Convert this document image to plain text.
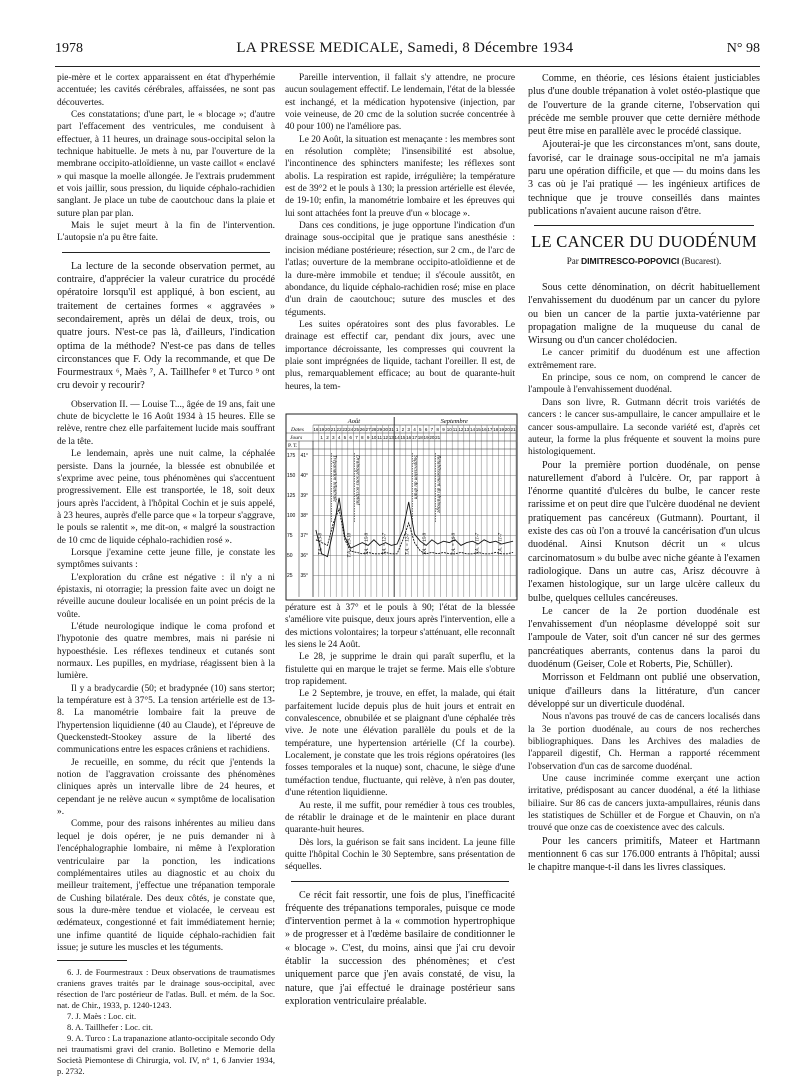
1978	LA PRESSE MEDICALE, Samedi, 8 Décembre 1934	N° 98

pie-mère et le cortex apparaissent en état d'hyperhémie accentuée; les cavités cérébrales, affaissées, ne sont pas découvertes.

Ces constatations; d'une part, le « blocage »; d'autre part l'effacement des ventricules, me conduisent à effectuer, à 11 heures, un drainage sous-occipital selon la technique habituelle. Je mets à nu, par l'ouverture de la membrane occipito-atloïdienne, un vaste caillot « enclavé » qui masque la moelle allongée. Je l'extrais prudemment et vois jaillir, sous pression, du liquide céphalo-rachidien sanglant. Je place un tube de caoutchouc dans la plaie et suture plan par plan.

Mais le sujet meurt à la fin de l'intervention. L'autopsie n'a pu être faite.

La lecture de la seconde observation permet, au contraire, d'apprécier la valeur curatrice du procédé opératoire lorsqu'il est appliqué, à bon escient, au traitement de certaines formes « aggravées » secondairement, après un délai de deux, trois, ou quatre jours. N'est-ce pas là, d'ailleurs, l'indication optima de la méthode? N'est-ce pas dans de telles circonstances que F. Ody la recommande, et que De Fourmestraux ⁶, Maès ⁷, A. Taillhefer ⁸ et Turco ⁹ ont cru devoir y recourir?

Observation II. — Louise T..., âgée de 19 ans, fait une chute de bicyclette le 16 Août 1934 à 15 heures. Elle se relève, rentre chez elle parfaitement lucide mais souffrant de la tête.

Le lendemain, après une nuit calme, la céphalée persiste. Dans la journée, la blessée est obnubilée et s'exprime avec peine, tous phénomènes qui s'accentuent progressivement. Elle est transportée, le 18, soit deux jours après l'accident, à l'hôpital Cochin et je suis appelé, à 23 heures, auprès d'elle parce que « la torpeur s'aggrave, le pouls se ralentit », me dit-on, « malgré la soustraction de 10 cmc de liquide céphalo-rachidien rosé ».

Lorsque j'examine cette jeune fille, je constate les symptômes suivants :

L'exploration du crâne est négative : il n'y a ni épistaxis, ni otorragie; la pression faite avec un doigt ne réveille aucune douleur localisée en un point précis de la voûte.

L'étude neurologique indique le coma profond et l'hypotonie des quatre membres, mais ni parésie ni hypoesthésie. Les réflexes tendineux et cutanés sont normaux. Les pupilles, en mydriase, réagissent bien à la lumière.

Il y a bradycardie (50; et bradypnée (10) sans stertor; la température est à 37°5. La tension artérielle est de 13-8. La manométrie lombaire fait la preuve de l'hypertension liquidienne (40 au Claude), et l'épreuve de Queckenstedt-Stookey assure de la liberté des communications entre les espaces crâniens et rachidiens.

Je recueille, en somme, du récit que j'entends la notion de l'aggravation croissante des phénomènes cliniques après un intervalle libre de 24 heures, et cependant je ne relève aucun « symptôme de localisation ».

Comme, pour des raisons inhérentes au milieu dans lequel je dois opérer, je ne puis demander ni à l'encéphalographie lombaire, ni même à l'exploration ventriculaire par la ponction, les indications complémentaires utiles au diagnostic et au choix du meilleur traitement, j'effectue une trépanation temporale de Cushing bilatérale. Des deux côtés, je constate que, sous la dure-mère tendue et violacée, le cerveau est œdémateux, congestionné et fait immédiatement hernie; une infime quantité de liquide céphalo-rachidien fait issue; je suture les muscles et les téguments.

6. J. de Fourmestraux : Deux observations de traumatismes craniens graves traités par le drainage sous-occipital, avec résection de l'arc postérieur de l'atlas. Bull. et mém. de la Soc. nat. de Chir., 1933, p. 1240-1243.

7. J. Maès : Loc. cit.

8. A. Taillhefer : Loc. cit.

9. A. Turco : La trapanazione atlanto-occipitale secondo Ody nei traumatismi gravi del cranio. Bolletino e Memorie della Società Piemontese di Chirurgia, vol. IV, n° 1, 6 Janvier 1934, p. 2732.

Pareille intervention, il fallait s'y attendre, ne procure aucun soulagement effectif. Le lendemain, l'état de la blessée est inchangé, et la médication hypotensive (injection, par voie veineuse, de 20 cmc de la solution sucrée concentrée à 40 pour 100) ne l'améliore pas.

Le 20 Août, la situation est menaçante : les membres sont en résolution complète; l'insensibilité est absolue, l'incontinence des sphincters manifeste; les réflexes sont abolis. La respiration est rapide, irrégulière; la température est de 39°2 et le pouls à 130; la pression artérielle est élevée, de 19-10; enfin, la manométrie lombaire et les épreuves qui lui sont attachées font la preuve d'un « blocage ».

Dans ces conditions, je juge opportune l'indication d'un drainage sous-occipital que je pratique sans anesthésie : incision médiane postérieure; résection, sur 2 cm., de l'arc de l'atlas; ouverture de la membrane occipito-atloïdienne et de la dure-mère immobile et tendue; il s'écoule aussitôt, en abondance, du liquide céphalo-rachidien rosé; mise en place d'un drain de caoutchouc; suture des muscles et des téguments.

Les suites opératoires sont des plus favorables. Le drainage est effectif car, pendant dix jours, avec une importance décroissante, les compresses qui couvrent la plaie sont imprégnées de liquide, tachant l'oreiller. Il est, de plus, remarquablement efficace; au bout de quarante-huit heures, la tem-

Dates
Jours
P. T.
Août	Septembre
16 19 20 21 22 23 24 25 26 27 28 29 30 31 1 2 3 4 5 6 7 8 9 10 11 12 13 14 15 16 17 18 19 20 21
1 2 3 4 5 6 7 8 9 10 11 12 13 14 15 16 17 18 19 20 21
175 41°
150 40°
125 39°
100 38°
75 37°
50 36°
25 35°
Trépanation bilatérale	Drainage sous occipital	Suppression du drain	Rétablissement du drainage
T.A. = 13-8	T.A. = 19-10	T.A. = 15-9	T.A. = 12-7	T.A. = 12-7	T.A. = 15-9	T.A. = 16-9	T.A. = 11-7	T.A. = 11-7

pérature est à 37° et le pouls à 90; l'état de la blessée s'améliore vite puisque, deux jours après l'intervention, elle a des mictions volontaires; la torpeur s'atténuant, elle reconnaît les siens le 24 Août.

Le 28, je supprime le drain qui paraît superflu, et la fistulette qui en marque le trajet se ferme. Mais elle s'obture trop rapidement.

Le 2 Septembre, je trouve, en effet, la malade, qui était parfaitement lucide depuis plus de huit jours et entrait en convalescence, obnubilée et se plaignant d'une céphalée très vive. Je note une élévation parallèle du pouls et de la température, une hypertension artérielle (Cf la courbe). Localement, je constate que les trois régions opératoires (les fosses temporales et la nuque) sont, chacune, le siège d'une tuméfaction tendue, fluctuante, qui relève, à n'en pas douter, d'une rétention liquidienne.

Au reste, il me suffit, pour remédier à tous ces troubles, de rétablir le drainage et de le maintenir en place durant quarante-huit heures.

Dès lors, la guérison se fait sans incident. La jeune fille quitte l'hôpital Cochin le 30 Septembre, sans présentation de séquelles.

Ce récit fait ressortir, une fois de plus, l'inefficacité fréquente des trépanations temporales, puisque ce mode d'intervention permet à la « commotion hypertrophique » de progresser et à l'œdème basilaire de conditionner le « blocage ». C'est, du moins, ainsi que j'ai cru devoir établir la succession des phénomènes; et c'est uniquement parce que j'en avais constaté, de visu, la nature, que j'ai effectué le drainage postérieur sans exploration ventriculaire préalable.

Comme, en théorie, ces lésions étaient justiciables plus d'une double trépanation à volet ostéo-plastique que de l'ouverture de la grande citerne, l'observation qui précède me semble prouver que cette dernière méthode peut être mise en parallèle avec le procédé classique.

Ajouterai-je que les circonstances m'ont, sans doute, favorisé, car le drainage sous-occipital ne m'a jamais paru une opération difficile, et que — du moins dans les 3 cas où je l'ai pratiqué — les ingénieux artifices de technique que je trouve conseillés dans maintes publications n'avaient aucune raison d'être.

LE CANCER DU DUODÉNUM
Par DIMITRESCO-POPOVICI (Bucarest).

Sous cette dénomination, on décrit habituellement l'envahissement du duodénum par un cancer du pylore ou bien un cancer de la partie juxta-vatérienne par propagation maligne de la muqueuse du canal de Wirsung ou d'un cancer cholédocien.

Le cancer primitif du duodénum est une affection extrêmement rare.

En principe, sous ce nom, on comprend le cancer de l'ampoule à l'envahissement duodénal.

Dans son livre, R. Gutmann décrit trois variétés de cancers : le cancer sus-ampullaire, le cancer ampullaire et le cancer sous-ampullaire. La seconde variété est, d'après cet auteur, la forme la plus fréquente et souvent la moins pure histologiquement.

Pour la première portion duodénale, on pense naturellement d'abord à l'ulcère. Or, par rapport à l'énorme quantité d'ulcères du bulbe, le cancer reste rarissime et on peut dire que l'ulcère duodénal ne devient pratiquement pas cancéreux (Gutmann). Pourtant, il existe des cas où l'on a trouvé la cancérisation d'un ulcus duodénal. Ainsi Knutson décrit un « ulcus carcinomatosum » du bulbe avec niche géante à l'examen radiologique. Dans un autre cas, Arisz découvre à l'examen histologique, sur un large ulcère calleux du bulbe, quelques cellules cancéreuses.

Le cancer de la 2e portion duodénale est l'envahissement d'un néoplasme développé soit sur l'ampoule de Vater, soit d'un cancer né sur des germes pancréatiques aberrants, contenus dans la paroi du duodénum (Geiser, Cole et Roberts, Pie, Schüller).

Morrisson et Feldmann ont publié une observation, unique d'ailleurs dans la littérature, d'un cancer développé sur un diverticule duodénal.

Nous n'avons pas trouvé de cas de cancers localisés dans la 3e portion duodénale, au cours de nos recherches bibliographiques. Dans les Archives des maladies de l'appareil digestif, Ch. Herman a rapporté récemment l'observation d'un cas de sarcome duodénal.

Une cause incriminée comme exerçant une action irritative, prédisposant au cancer duodénal, a été la lithiase biliaire. Sur 86 cas de cancers juxta-ampullaires, réunis dans les statistiques de Schüller et de Forgue et Chauvin, on n'a trouvé que onze cas de coexistence avec des calculs.

Pour les cancers primitifs, Mateer et Hartmann mentionnent 6 cas sur 176.000 entrants à l'hôpital; aussi le chapitre manque-t-il dans les livres classiques.
